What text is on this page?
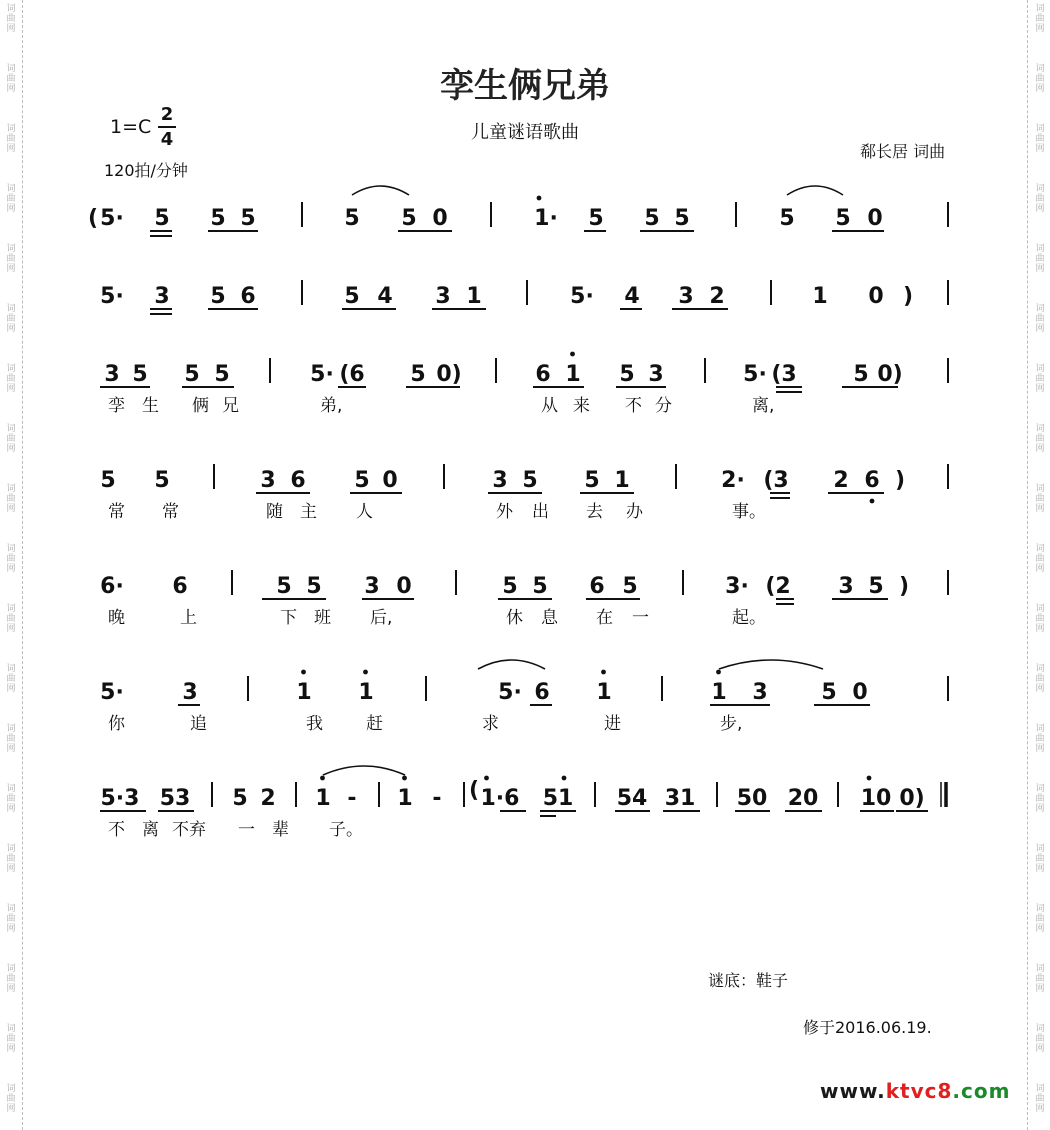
词
曲
网
词
曲
网
词
曲
网
词
曲
网
词
曲
网
词
曲
网
词
曲
网
词
曲
网
词
曲
网
词
曲
网
词
曲
网
词
曲
网
词
曲
网
词
曲
网
词
曲
网
词
曲
网
词
曲
网
词
曲
网
词
曲
网
词
曲
网
词
曲
网
词
曲
网
词
曲
网
词
曲
网
词
曲
网
词
曲
网
词
曲
网
词
曲
网
词
曲
网
词
曲
网
词
曲
网
词
曲
网
词
曲
网
词
曲
网
词
曲
网
词
曲
网
词
曲
网
词
曲
网
孪生俩兄弟
儿童谜语歌曲
1=C
2
4
120拍/分钟
郗长居 词曲
( 5· 5 5 5	5 5 0	1· 5 5 5	5 5 0
5· 3 5 6	5 4 3 1	5· 4 3 2	1 0 )
3 5 5 5	5· (6 5 0)	6 1 5 3	5· (3	5 0)
孪 生 俩 兄	弟,	从 来 不 分	离,
5 5	3 6 5 0	3 5 5 1	2· (3 2 6 )
常 常	随 主 人	外 出 去 办	事。
6· 6	5 5 3 0	5 5 6 5	3· (2 3 5 )
晚	上	下 班 后,	休 息 在 一	起。
5·	3	1 1	5· 6 1	1 3 5 0
你	追	我	赶	求	进	步,
5·3 53 5 2 1 - 1 - ( 1·6 51 54 31 50 20 10 0)
不 离 不弃 一 辈 子。
谜底：鞋子
修于2016.06.19.
www.ktvc8.com
